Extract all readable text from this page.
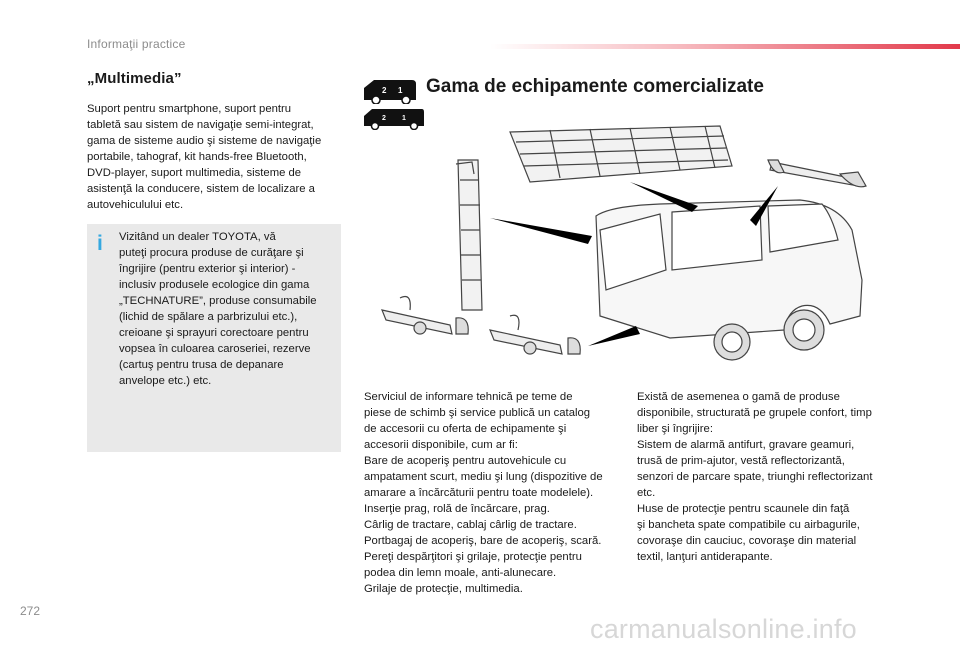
Informaţii practice
„Multimedia”

Suport pentru smartphone, suport pentru
tabletă sau sistem de navigaţie semi-integrat,
gama de sisteme audio şi sisteme de navigaţie
portabile, tahograf, kit hands-free Bluetooth,
DVD-player, suport multimedia, sisteme de
asistenţă la conducere, sistem de localizare a
autovehiculului etc.

i Vizitând un dealer TOYOTA, vă
puteţi procura produse de curăţare şi
îngrijire (pentru exterior şi interior) -
inclusiv produsele ecologice din gama
„TECHNATURE”, produse consumabile
(lichid de spălare a parbrizului etc.),
creioane şi sprayuri corectoare pentru
vopsea în culoarea caroseriei, rezerve
(cartuş pentru trusa de depanare
anvelope etc.) etc.

2 1
2 1
Gama de echipamente comercializate

Serviciul de informare tehnică pe teme de
piese de schimb şi service publică un catalog
de accesorii cu oferta de echipamente şi
accesorii disponibile, cum ar fi:
Bare de acoperiş pentru autovehicule cu
ampatament scurt, mediu şi lung (dispozitive de
amarare a încărcăturii pentru toate modelele).
Inserţie prag, rolă de încărcare, prag.
Cârlig de tractare, cablaj cârlig de tractare.
Portbagaj de acoperiş, bare de acoperiş, scară.
Pereţi despărţitori şi grilaje, protecţie pentru
podea din lemn moale, anti-alunecare.
Grilaje de protecţie, multimedia.

Există de asemenea o gamă de produse
disponibile, structurată pe grupele confort, timp
liber şi îngrijire:
Sistem de alarmă antifurt, gravare geamuri,
trusă de prim-ajutor, vestă reflectorizantă,
senzori de parcare spate, triunghi reflectorizant
etc.
Huse de protecţie pentru scaunele din faţă
şi bancheta spate compatibile cu airbagurile,
covoraşe din cauciuc, covoraşe din material
textil, lanţuri antiderapante.

272
carmanualsonline.info
